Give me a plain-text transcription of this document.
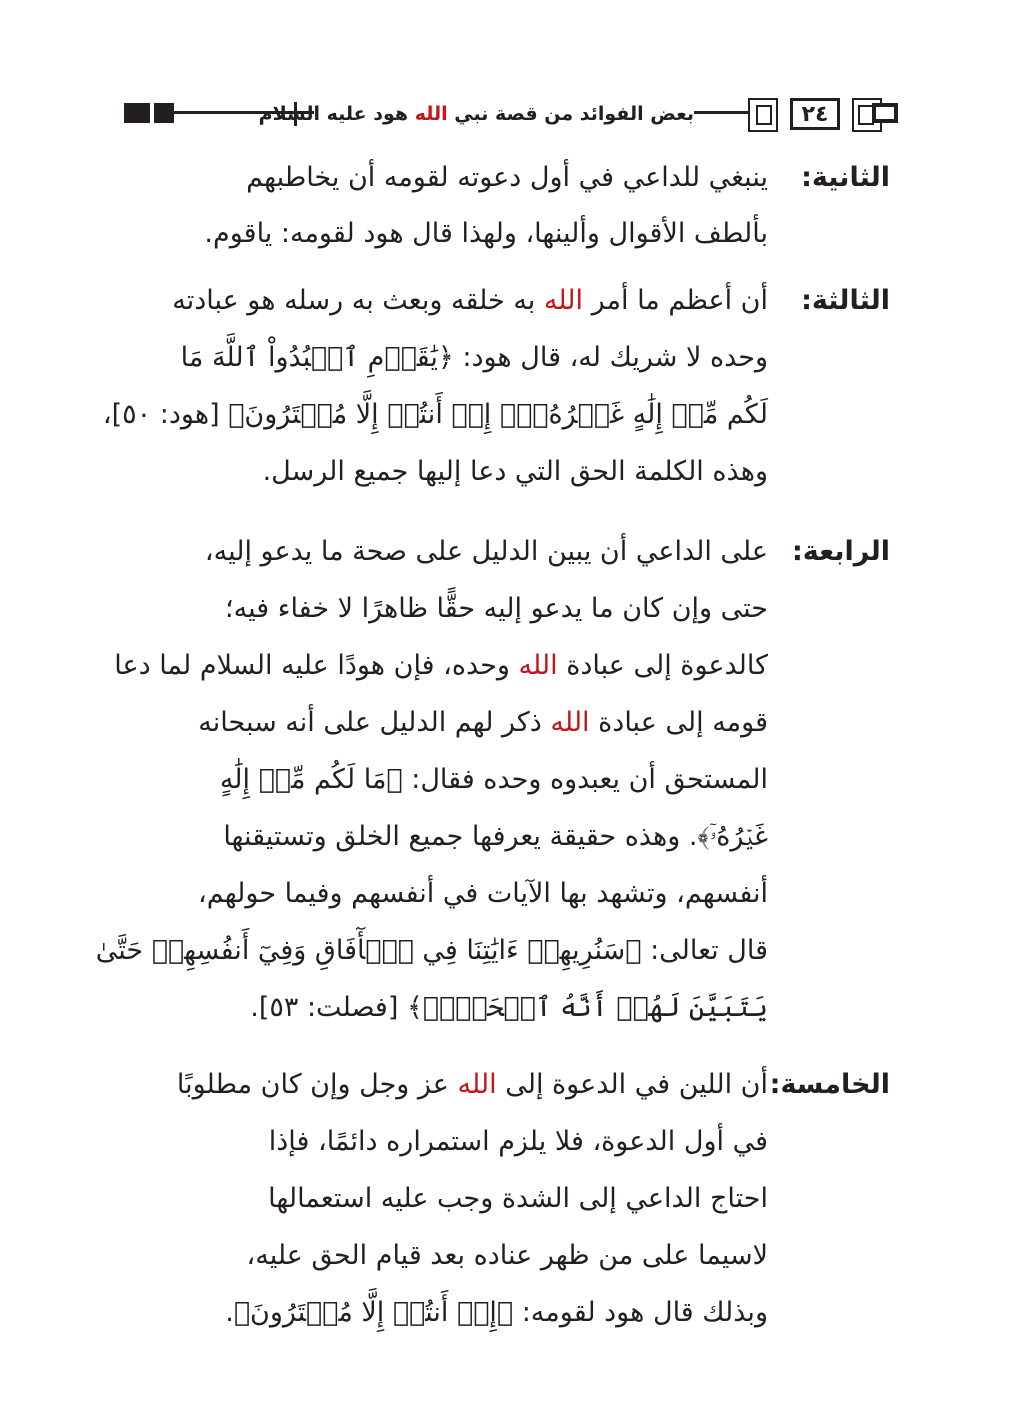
بعض الفوائد من قصة نبي الله هود عليه السلام	٢٤
الثانية:
ينبغي للداعي في أول دعوته لقومه أن يخاطبهم
بألطف الأقوال وألينها، ولهذا قال هود لقومه: ياقوم.
الثالثة:
أن أعظم ما أمر الله به خلقه وبعث به رسله هو عبادته
وحده لا شريك له، قال هود: ﴿يَٰقَوۡمِ ٱعۡبُدُواْ ٱللَّهَ مَا
لَكُم مِّنۡ إِلَٰهٍ غَيۡرُهُۥٓۖ إِنۡ أَنتُمۡ إِلَّا مُفۡتَرُونَ﴾ [هود: ٥٠]،
وهذه الكلمة الحق التي دعا إليها جميع الرسل.
الرابعة:
على الداعي أن يبين الدليل على صحة ما يدعو إليه،
حتى وإن كان ما يدعو إليه حقًّا ظاهرًا لا خفاء فيه؛
كالدعوة إلى عبادة الله وحده، فإن هودًا عليه السلام لما دعا
قومه إلى عبادة الله ذكر لهم الدليل على أنه سبحانه
المستحق أن يعبدوه وحده فقال: ﴿مَا لَكُم مِّنۡ إِلَٰهٍ
غَيۡرُهُۥٓ﴾. وهذه حقيقة يعرفها جميع الخلق وتستيقنها
أنفسهم، وتشهد بها الآيات في أنفسهم وفيما حولهم،
قال تعالى: ﴿سَنُرِيهِمۡ ءَايَٰتِنَا فِي ٱلۡأٓفَاقِ وَفِيٓ أَنفُسِهِمۡ حَتَّىٰ
يَتَبَيَّنَ لَهُمۡ أَنَّهُ ٱلۡحَقُّۗ﴾ [فصلت: ٥٣].
الخامسة:
أن اللين في الدعوة إلى الله عز وجل وإن كان مطلوبًا
في أول الدعوة، فلا يلزم استمراره دائمًا، فإذا
احتاج الداعي إلى الشدة وجب عليه استعمالها
لاسيما على من ظهر عناده بعد قيام الحق عليه،
وبذلك قال هود لقومه: ﴿إِنۡ أَنتُمۡ إِلَّا مُفۡتَرُونَ﴾.
